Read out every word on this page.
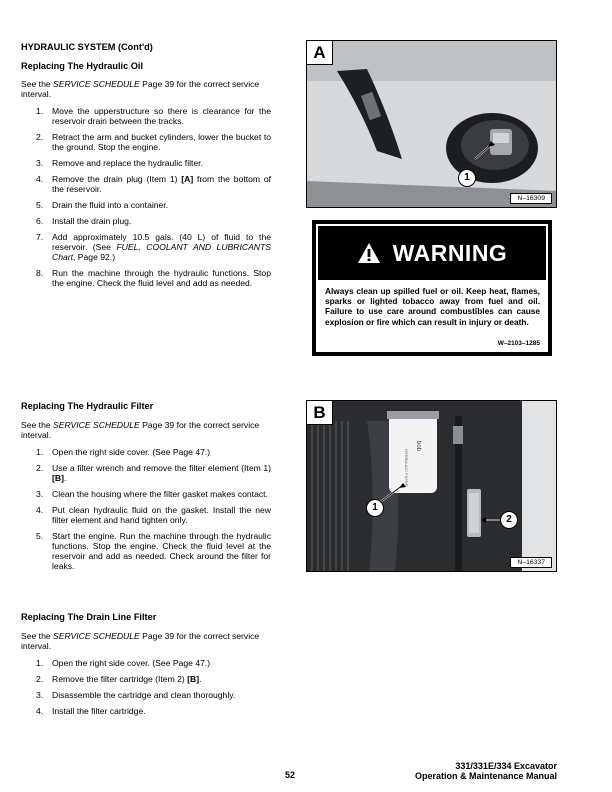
HYDRAULIC SYSTEM (Cont'd)
Replacing The Hydraulic Oil

See the SERVICE SCHEDULE Page 39 for the correct service interval.

1. Move the upperstructure so there is clearance for the reservoir drain between the tracks.
2. Retract the arm and bucket cylinders, lower the bucket to the ground. Stop the engine.
3. Remove and replace the hydraulic filter.
4. Remove the drain plug (Item 1) [A] from the bottom of the reservoir.
5. Drain the fluid into a container.
6. Install the drain plug.
7. Add approximately 10.5 gals. (40 L) of fluid to the reservoir. (See FUEL, COOLANT AND LUBRICANTS Chart, Page 92.)
8. Run the machine through the hydraulic functions. Stop the engine. Check the fluid level and add as needed.
Replacing The Hydraulic Filter

See the SERVICE SCHEDULE Page 39 for the correct service interval.

1. Open the right side cover. (See Page 47.)
2. Use a filter wrench and remove the filter element (Item 1) [B].
3. Clean the housing where the filter gasket makes contact.
4. Put clean hydraulic fluid on the gasket. Install the new filter element and hand tighten only.
5. Start the engine. Run the machine through the hydraulic functions. Stop the engine. Check the fluid level at the reservoir and add as needed. Check around the filter for leaks.
Replacing The Drain Line Filter

See the SERVICE SCHEDULE Page 39 for the correct service interval.

1. Open the right side cover. (See Page 47.)
2. Remove the filter cartridge (Item 2) [B].
3. Disassemble the cartridge and clean thoroughly.
4. Install the filter cartridge.
A
1
N–16309
WARNING
Always clean up spilled fuel or oil. Keep heat, flames, sparks or lighted tobacco away from fuel and oil. Failure to use care around combustibles can cause explosion or fire which can result in injury or death.
W–2103–1285
B
bob
HYDRAULIC FILTER
1
2
N–16337
52
331/331E/334 Excavator
Operation & Maintenance Manual
